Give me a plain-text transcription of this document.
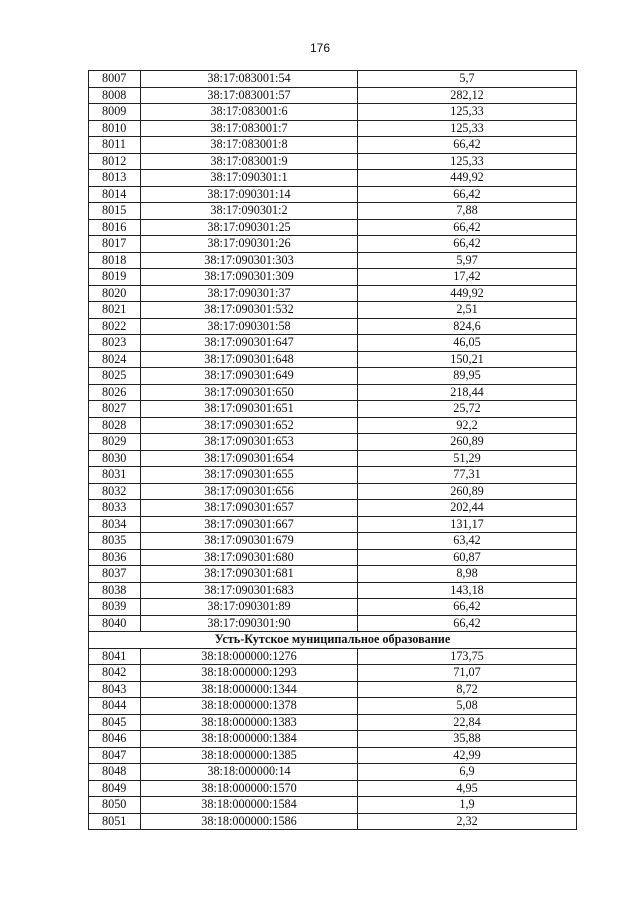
176
8007	38:17:083001:54	5,7
8008	38:17:083001:57	282,12
8009	38:17:083001:6	125,33
8010	38:17:083001:7	125,33
8011	38:17:083001:8	66,42
8012	38:17:083001:9	125,33
8013	38:17:090301:1	449,92
8014	38:17:090301:14	66,42
8015	38:17:090301:2	7,88
8016	38:17:090301:25	66,42
8017	38:17:090301:26	66,42
8018	38:17:090301:303	5,97
8019	38:17:090301:309	17,42
8020	38:17:090301:37	449,92
8021	38:17:090301:532	2,51
8022	38:17:090301:58	824,6
8023	38:17:090301:647	46,05
8024	38:17:090301:648	150,21
8025	38:17:090301:649	89,95
8026	38:17:090301:650	218,44
8027	38:17:090301:651	25,72
8028	38:17:090301:652	92,2
8029	38:17:090301:653	260,89
8030	38:17:090301:654	51,29
8031	38:17:090301:655	77,31
8032	38:17:090301:656	260,89
8033	38:17:090301:657	202,44
8034	38:17:090301:667	131,17
8035	38:17:090301:679	63,42
8036	38:17:090301:680	60,87
8037	38:17:090301:681	8,98
8038	38:17:090301:683	143,18
8039	38:17:090301:89	66,42
8040	38:17:090301:90	66,42
Усть-Кутское муниципальное образование		
8041	38:18:000000:1276	173,75
8042	38:18:000000:1293	71,07
8043	38:18:000000:1344	8,72
8044	38:18:000000:1378	5,08
8045	38:18:000000:1383	22,84
8046	38:18:000000:1384	35,88
8047	38:18:000000:1385	42,99
8048	38:18:000000:14	6,9
8049	38:18:000000:1570	4,95
8050	38:18:000000:1584	1,9
8051	38:18:000000:1586	2,32
